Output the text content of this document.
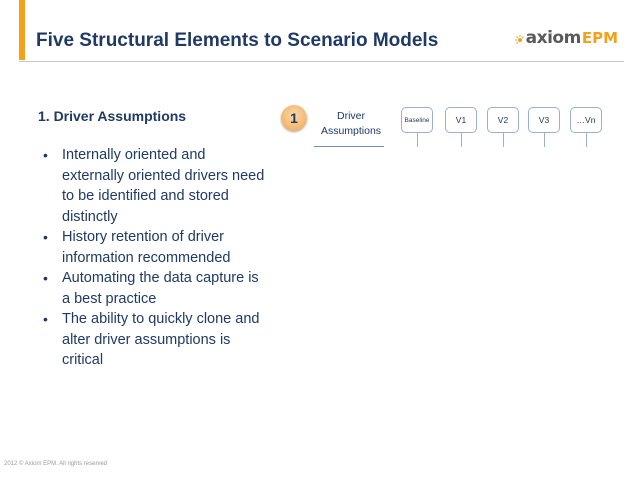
Five Structural Elements to Scenario Models	axiom EPM
1. Driver Assumptions
• Internally oriented and externally oriented drivers need to be identified and stored distinctly
• History retention of driver information recommended
• Automating the data capture is a best practice
• The ability to quickly clone and alter driver assumptions is critical
1	Driver
Assumptions
Baseline	V1	V2	V3	…Vn
2012 © Axiom EPM. All rights reserved
